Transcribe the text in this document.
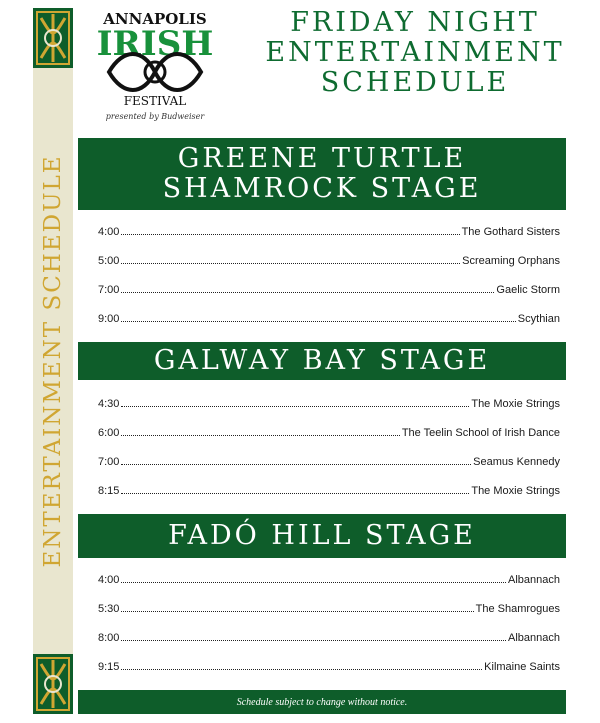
ENTERTAINMENT SCHEDULE
ANNAPOLIS
IRISH
FESTIVAL
presented by Budweiser
FRIDAY NIGHT
ENTERTAINMENT
SCHEDULE
GREENE TURTLE
SHAMROCK STAGE
4:00	The Gothard Sisters
5:00	Screaming Orphans
7:00	Gaelic Storm
9:00	Scythian
GALWAY BAY STAGE
4:30	The Moxie Strings
6:00	The Teelin School of Irish Dance
7:00	Seamus Kennedy
8:15	The Moxie Strings
FADÓ HILL STAGE
4:00	Albannach
5:30	The Shamrogues
8:00	Albannach
9:15	Kilmaine Saints
Schedule subject to change without notice.
